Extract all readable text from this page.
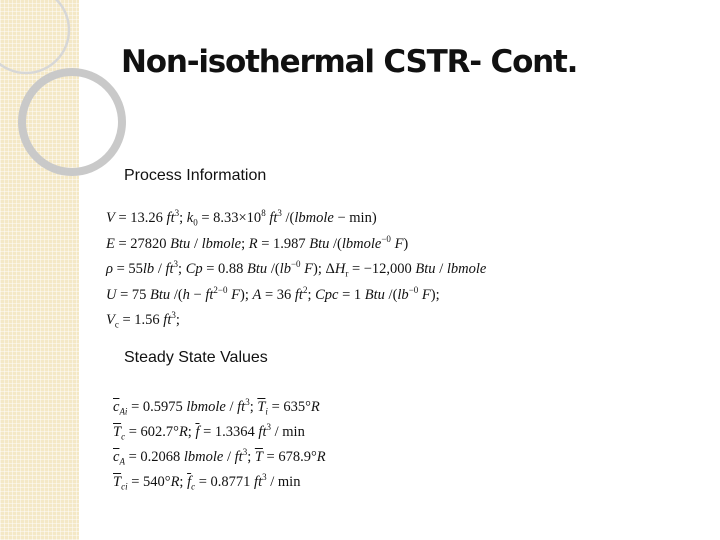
Non-isothermal CSTR- Cont.
Process Information
V = 13.26 $ft^3$; $k_0 = 8.33\times 10^8$ $ft^3$ /(lbmole − min)
E = 27820 Btu / lbmole; R = 1.987 Btu /(lbmole$^{-0}$ F)
$\rho = 55lb / ft^3$; Cp = 0.88 Btu $/(lb^{-0}$ F); $\Delta H_r = -12,000$ Btu / lbmole
U = 75 Btu $/(h - ft^{2-0}$ F); A = 36 $ft^2$; Cpc = 1 Btu $/(lb^{-0}$ F);
$V_c = 1.56$ $ft^3$;
Steady State Values
$\overline{c}_{Ai} = 0.5975$ lbmole / $ft^3$; $\overline{T}_i = 635^\circ R$
$\overline{T}_c = 602.7^\circ R$; $\overline{f} = 1.3364$ $ft^3$ / min
$\overline{c}_A = 0.2068$ lbmole / $ft^3$; $\overline{T} = 678.9^\circ R$
$\overline{T}_{ci} = 540^\circ R$; $\overline{f}_c = 0.8771$ $ft^3$ / min
